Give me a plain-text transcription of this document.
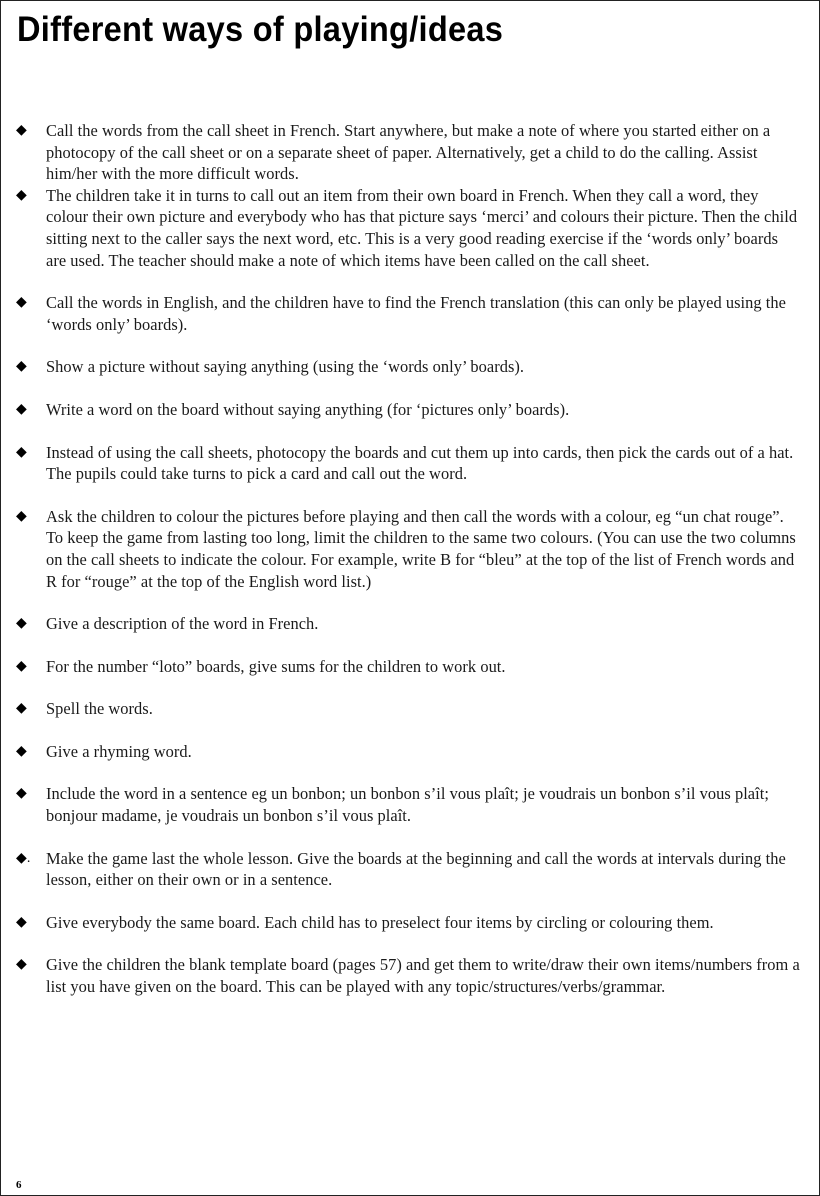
Different ways of playing/ideas
◆	Call the words from the call sheet in French. Start anywhere, but make a note of where you started either on a photocopy of the call sheet or on a separate sheet of paper. Alternatively, get a child to do the calling. Assist him/her with the more difficult words.
◆	The children take it in turns to call out an item from their own board in French. When they call a word, they colour their own picture and everybody who has that picture says ‘merci’ and colours their picture. Then the child sitting next to the caller says the next word, etc. This is a very good reading exercise if the ‘words only’ boards are used. The teacher should make a note of which items have been called on the call sheet.
◆	Call the words in English, and the children have to find the French translation (this can only be played using the ‘words only’ boards).
◆	Show a picture without saying anything (using the ‘words only’ boards).
◆	Write a word on the board without saying anything (for ‘pictures only’ boards).
◆	Instead of using the call sheets, photocopy the boards and cut them up into cards, then pick the cards out of a hat. The pupils could take turns to pick a card and call out the word.
◆	Ask the children to colour the pictures before playing and then call the words with a colour, eg “un chat rouge”. To keep the game from lasting too long, limit the children to the same two colours. (You can use the two columns on the call sheets to indicate the colour. For example, write B for “bleu” at the top of the list of French words and R for “rouge” at the top of the English word list.)
◆	Give a description of the word in French.
◆	For the number “loto” boards, give sums for the children to work out.
◆	Spell the words.
◆	Give a rhyming word.
◆	Include the word in a sentence eg un bonbon; un bonbon s’il vous plaît; je voudrais un bonbon s’il vous plaît; bonjour madame, je voudrais un bonbon s’il vous plaît.
◆. Make the game last the whole lesson. Give the boards at the beginning and call the words at intervals during the lesson, either on their own or in a sentence.
◆	Give everybody the same board. Each child has to preselect four items by circling or colouring them.
◆	Give the children the blank template board (pages 57) and get them to write/draw their own items/numbers from a list you have given on the board. This can be played with any topic/structures/verbs/grammar.
6
